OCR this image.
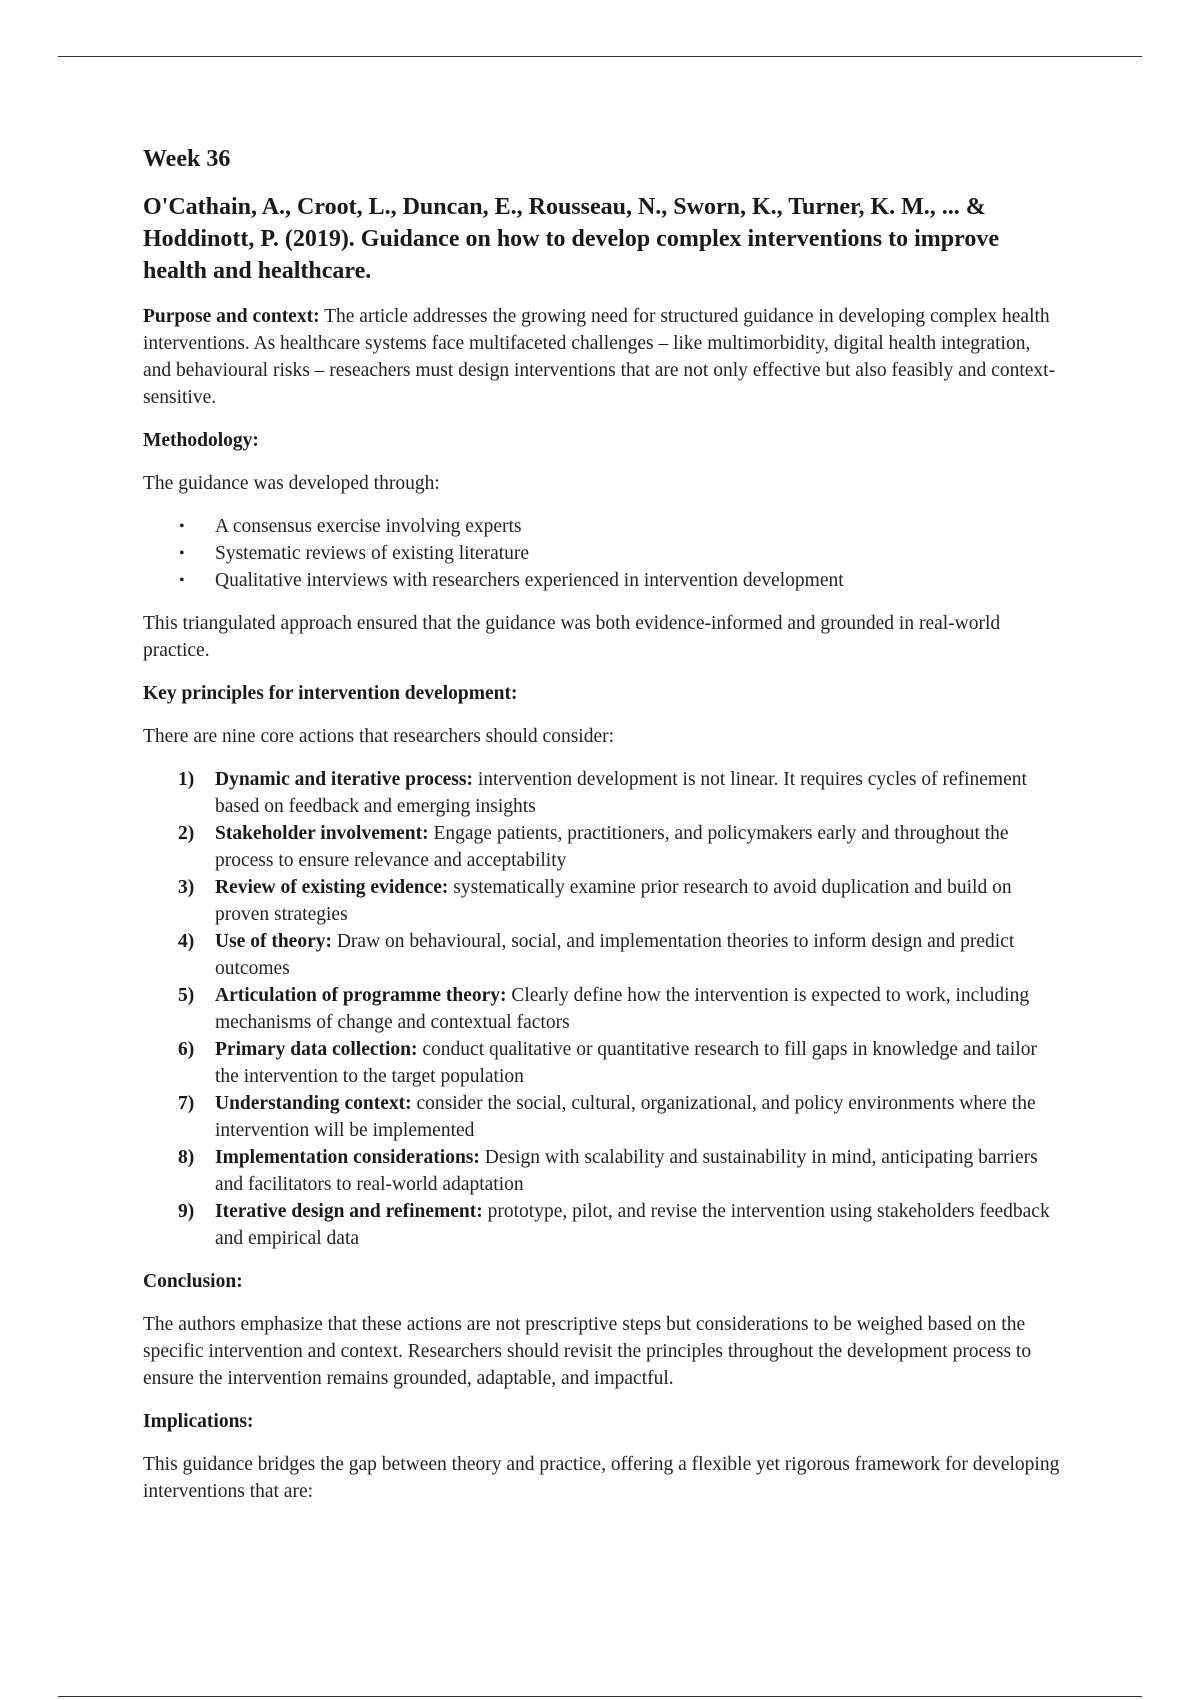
Week 36
O'Cathain, A., Croot, L., Duncan, E., Rousseau, N., Sworn, K., Turner, K. M., ... & Hoddinott, P. (2019). Guidance on how to develop complex interventions to improve health and healthcare.

Purpose and context: The article addresses the growing need for structured guidance in developing complex health interventions. As healthcare systems face multifaceted challenges – like multimorbidity, digital health integration, and behavioural risks – reseachers must design interventions that are not only effective but also feasibly and context-sensitive.

Methodology:

The guidance was developed through:

• A consensus exercise involving experts
• Systematic reviews of existing literature
• Qualitative interviews with researchers experienced in intervention development

This triangulated approach ensured that the guidance was both evidence-informed and grounded in real-world practice.

Key principles for intervention development:

There are nine core actions that researchers should consider:

1) Dynamic and iterative process: intervention development is not linear. It requires cycles of refinement based on feedback and emerging insights
2) Stakeholder involvement: Engage patients, practitioners, and policymakers early and throughout the process to ensure relevance and acceptability
3) Review of existing evidence: systematically examine prior research to avoid duplication and build on proven strategies
4) Use of theory: Draw on behavioural, social, and implementation theories to inform design and predict outcomes
5) Articulation of programme theory: Clearly define how the intervention is expected to work, including mechanisms of change and contextual factors
6) Primary data collection: conduct qualitative or quantitative research to fill gaps in knowledge and tailor the intervention to the target population
7) Understanding context: consider the social, cultural, organizational, and policy environments where the intervention will be implemented
8) Implementation considerations: Design with scalability and sustainability in mind, anticipating barriers and facilitators to real-world adaptation
9) Iterative design and refinement: prototype, pilot, and revise the intervention using stakeholders feedback and empirical data
Conclusion:

The authors emphasize that these actions are not prescriptive steps but considerations to be weighed based on the specific intervention and context. Researchers should revisit the principles throughout the development process to ensure the intervention remains grounded, adaptable, and impactful.

Implications:

This guidance bridges the gap between theory and practice, offering a flexible yet rigorous framework for developing interventions that are:
